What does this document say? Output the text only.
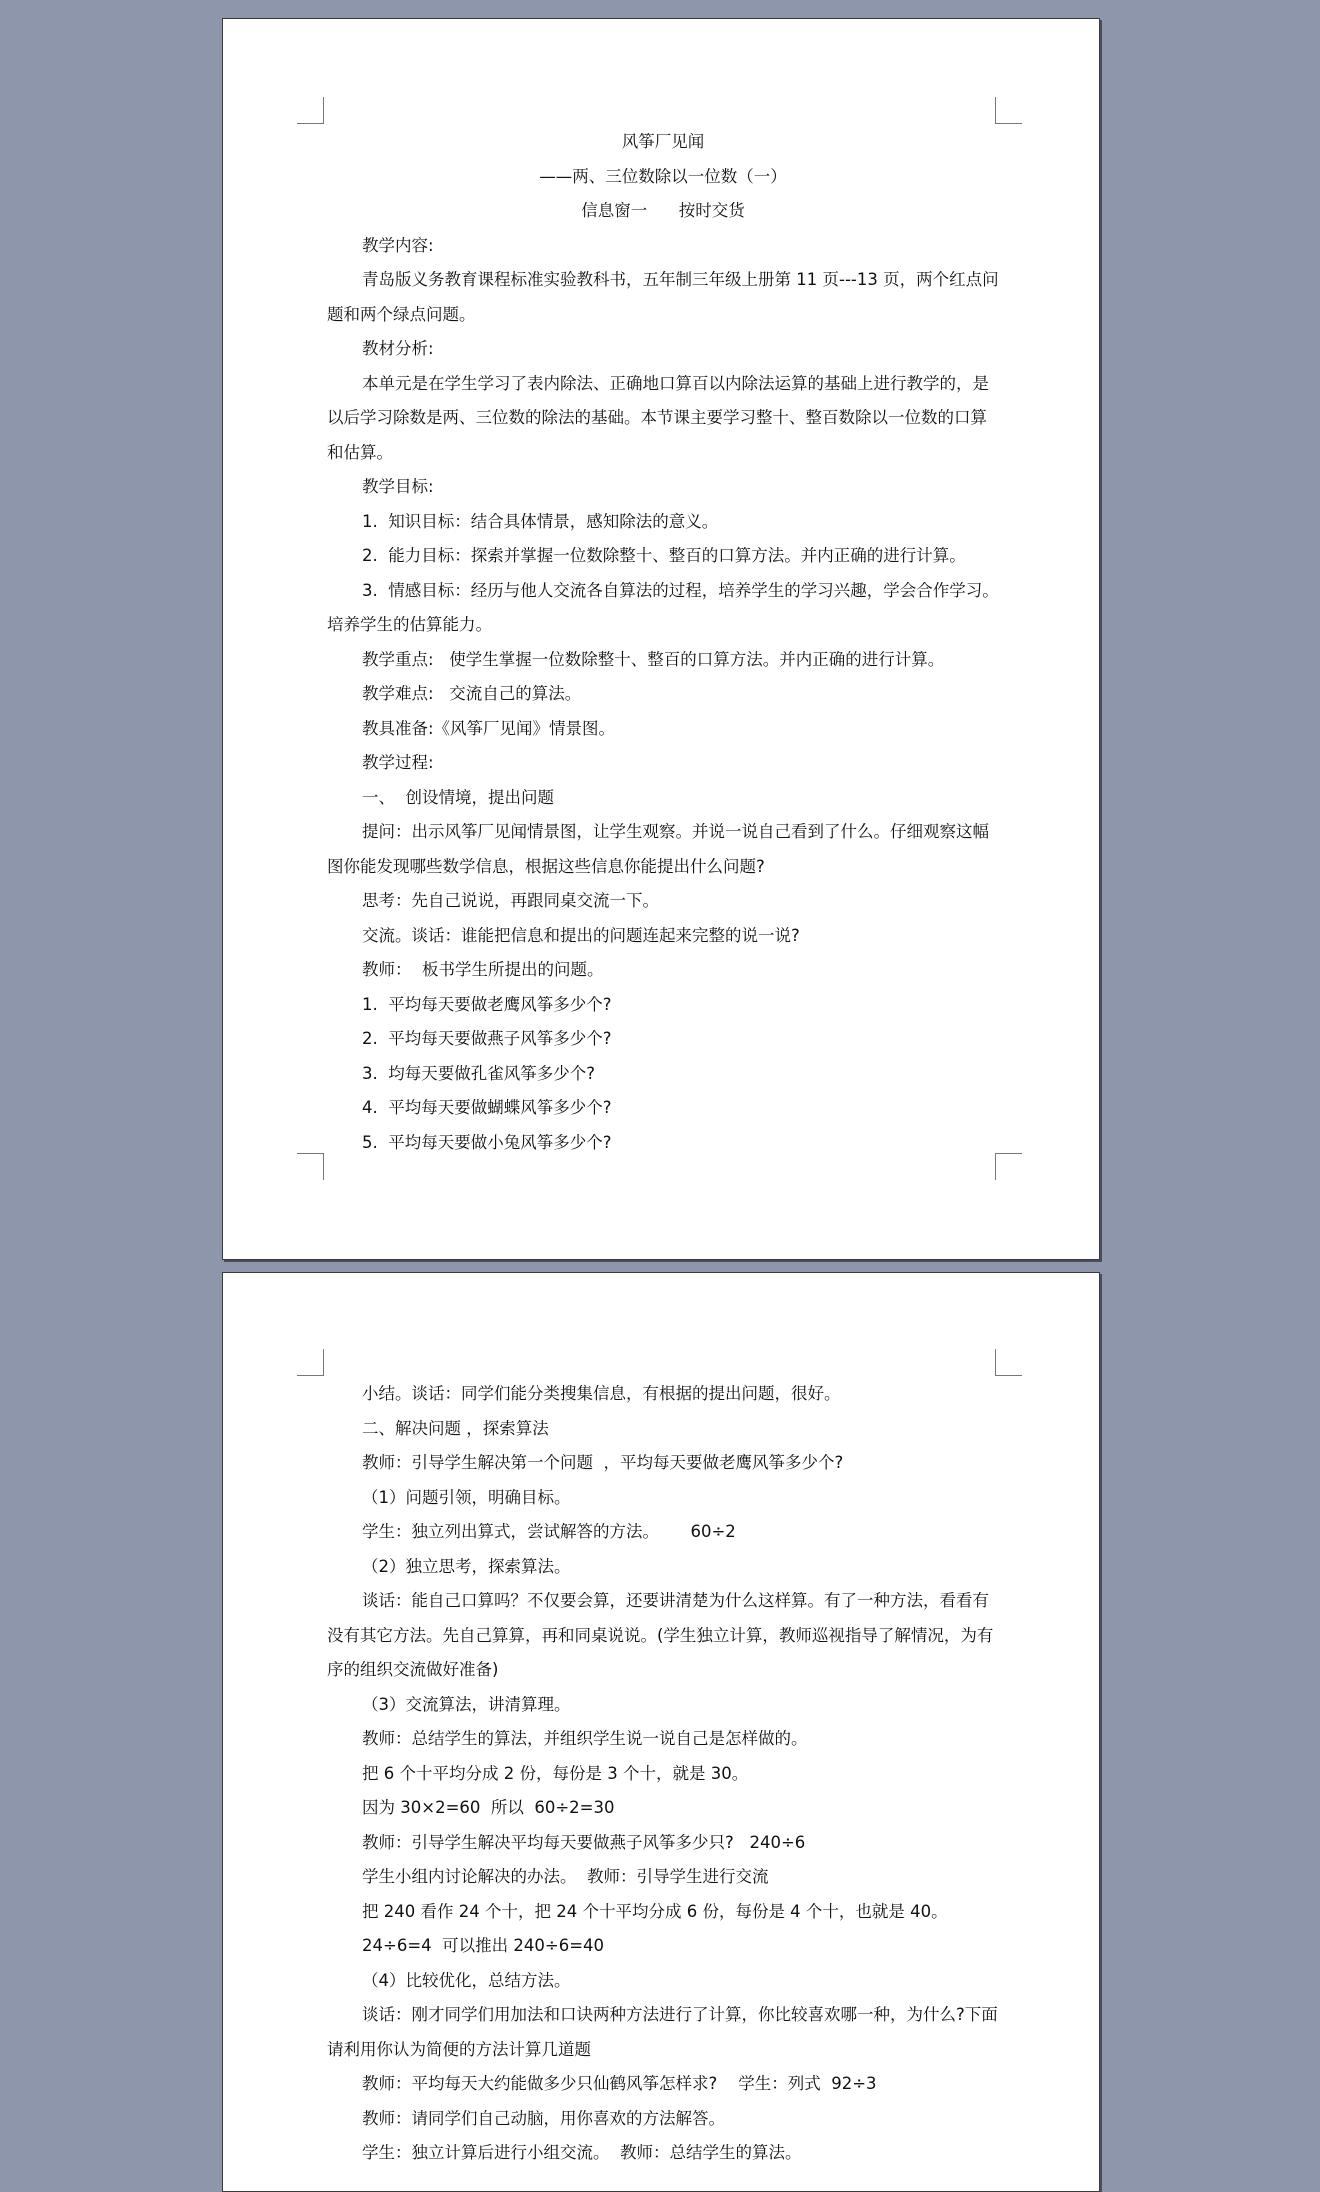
风筝厂见闻

——两、三位数除以一位数（一）

信息窗一      按时交货

教学内容:

青岛版义务教育课程标准实验教科书，五年制三年级上册第 11 页---13 页，两个红点问题和两个绿点问题。

教材分析:

本单元是在学生学习了表内除法、正确地口算百以内除法运算的基础上进行教学的，是以后学习除数是两、三位数的除法的基础。本节课主要学习整十、整百数除以一位数的口算和估算。

教学目标:

1.  知识目标：结合具体情景，感知除法的意义。

2.  能力目标：探索并掌握一位数除整十、整百的口算方法。并内正确的进行计算。

3.  情感目标：经历与他人交流各自算法的过程，培养学生的学习兴趣，学会合作学习。培养学生的估算能力。

教学重点:   使学生掌握一位数除整十、整百的口算方法。并内正确的进行计算。

教学难点:   交流自己的算法。

教具准备:《风筝厂见闻》情景图。

教学过程:

一、  创设情境，提出问题

提问：出示风筝厂见闻情景图，让学生观察。并说一说自己看到了什么。仔细观察这幅图你能发现哪些数学信息，根据这些信息你能提出什么问题?

思考：先自己说说，再跟同桌交流一下。

交流。谈话：谁能把信息和提出的问题连起来完整的说一说?

教师：  板书学生所提出的问题。

1.  平均每天要做老鹰风筝多少个?

2.  平均每天要做燕子风筝多少个?

3.  均每天要做孔雀风筝多少个?

4.  平均每天要做蝴蝶风筝多少个?

5.  平均每天要做小兔风筝多少个?

小结。谈话：同学们能分类搜集信息，有根据的提出问题，很好。

二、解决问题 ，探索算法

教师：引导学生解决第一个问题  ，平均每天要做老鹰风筝多少个?

（1）问题引领，明确目标。

学生：独立列出算式，尝试解答的方法。      60÷2

（2）独立思考，探索算法。

谈话：能自己口算吗？不仅要会算，还要讲清楚为什么这样算。有了一种方法，看看有没有其它方法。先自己算算，再和同桌说说。(学生独立计算，教师巡视指导了解情况，为有序的组织交流做好准备)

（3）交流算法，讲清算理。

教师：总结学生的算法，并组织学生说一说自己是怎样做的。

把 6 个十平均分成 2 份，每份是 3 个十，就是 30。

因为 30×2=60  所以  60÷2=30

教师：引导学生解决平均每天要做燕子风筝多少只?   240÷6

学生小组内讨论解决的办法。  教师：引导学生进行交流

把 240 看作 24 个十，把 24 个十平均分成 6 份，每份是 4 个十，也就是 40。

24÷6=4  可以推出 240÷6=40

（4）比较优化，总结方法。

谈话：刚才同学们用加法和口诀两种方法进行了计算，你比较喜欢哪一种，为什么?下面请利用你认为简便的方法计算几道题

教师：平均每天大约能做多少只仙鹤风筝怎样求?    学生：列式  92÷3

教师：请同学们自己动脑，用你喜欢的方法解答。

学生：独立计算后进行小组交流。  教师：总结学生的算法。
